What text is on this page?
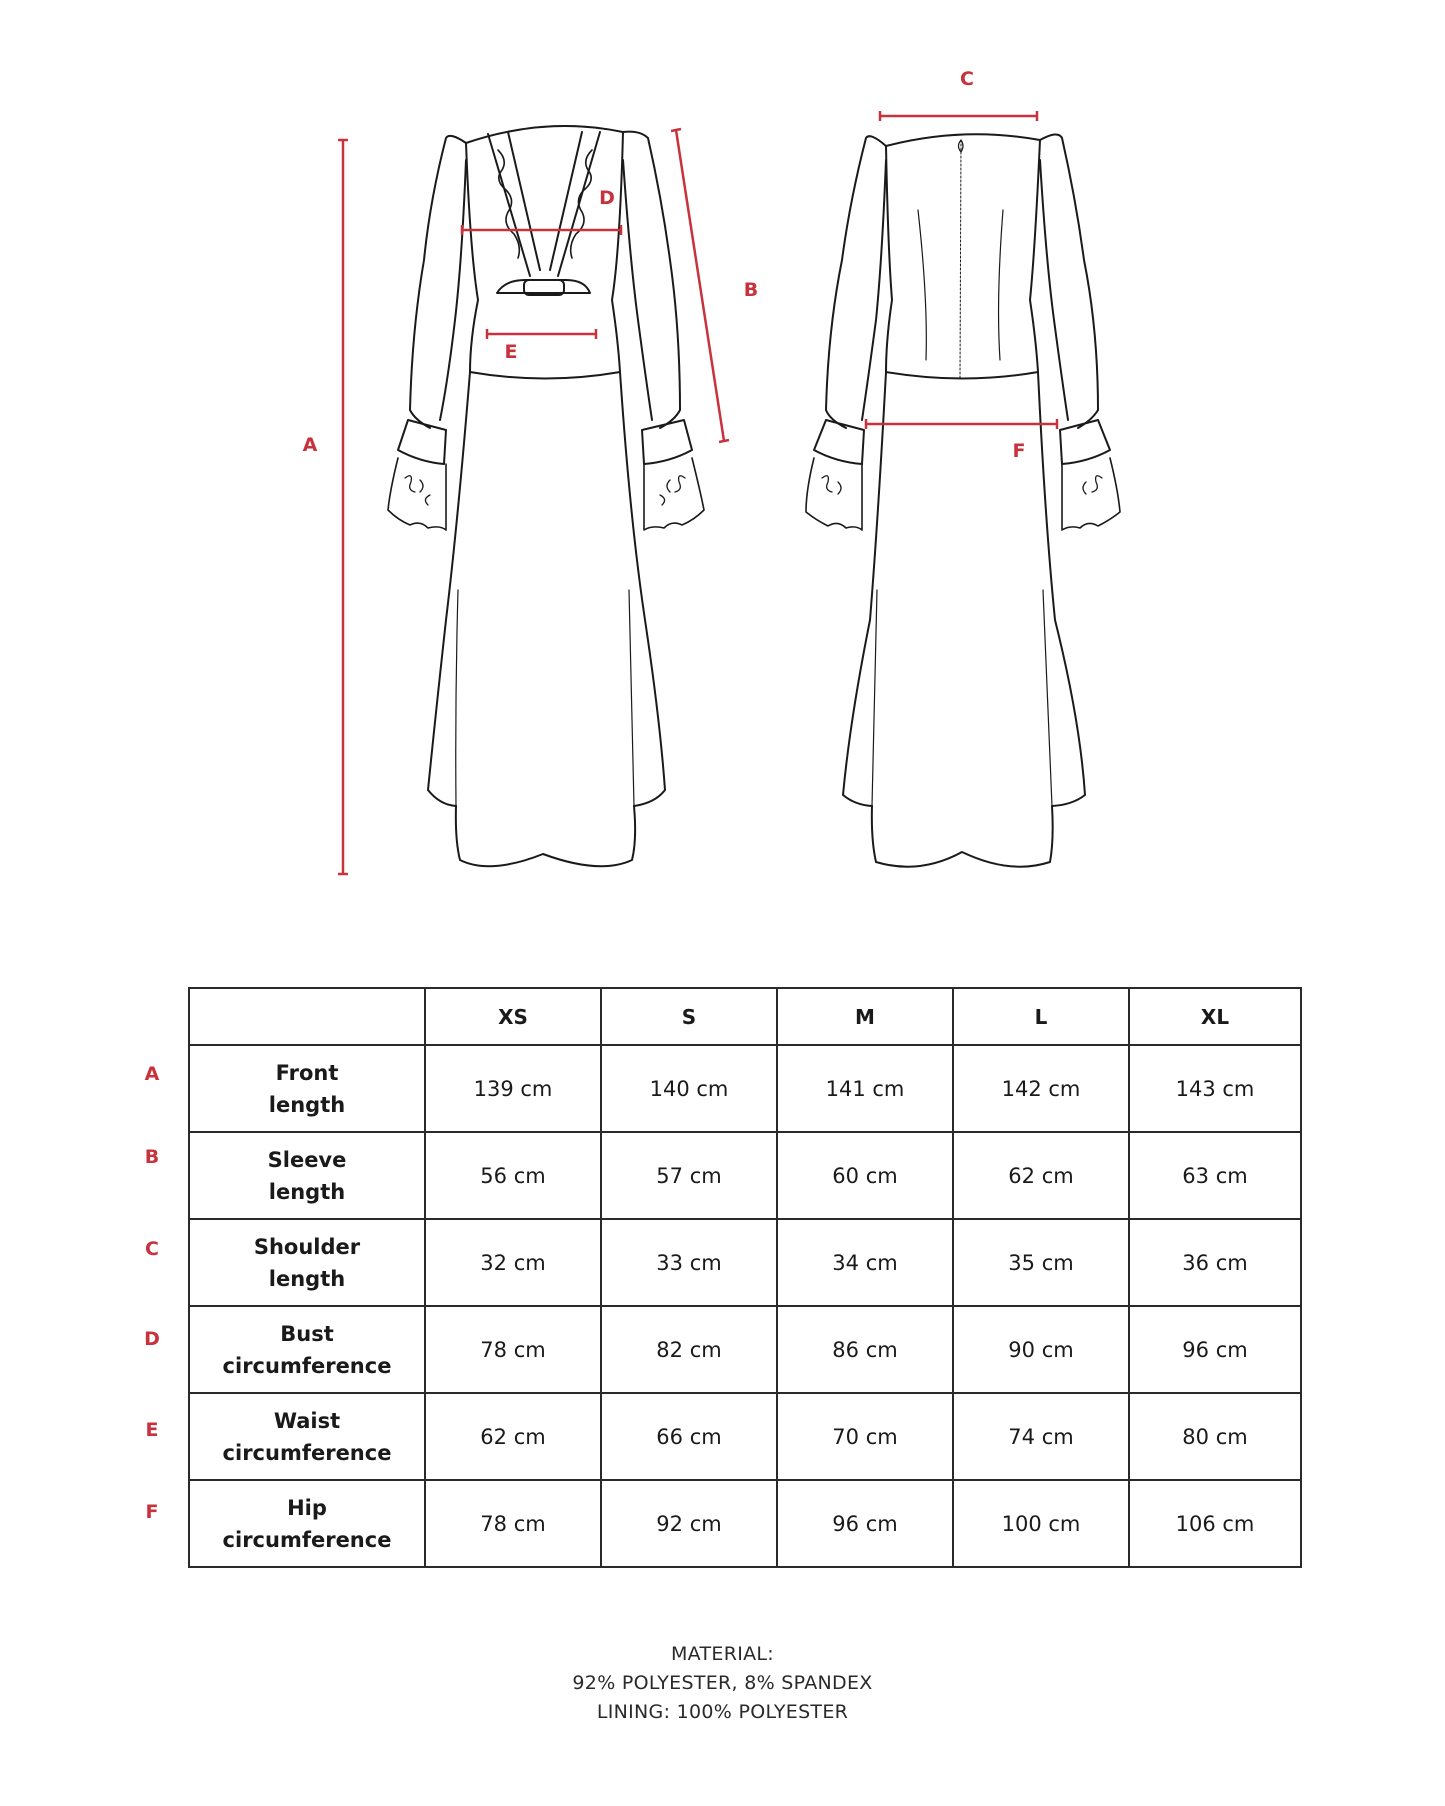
A
B
C
D
E
F
A
B
C
D
E
F
	XS	S	M	L	XL
Front
length	139 cm	140 cm	141 cm	142 cm	143 cm
Sleeve
length	56 cm	57 cm	60 cm	62 cm	63 cm
Shoulder
length	32 cm	33 cm	34 cm	35 cm	36 cm
Bust
circumference	78 cm	82 cm	86 cm	90 cm	96 cm
Waist
circumference	62 cm	66 cm	70 cm	74 cm	80 cm
Hip
circumference	78 cm	92 cm	96 cm	100 cm	106 cm
MATERIAL:
92% POLYESTER, 8% SPANDEX
LINING: 100% POLYESTER
